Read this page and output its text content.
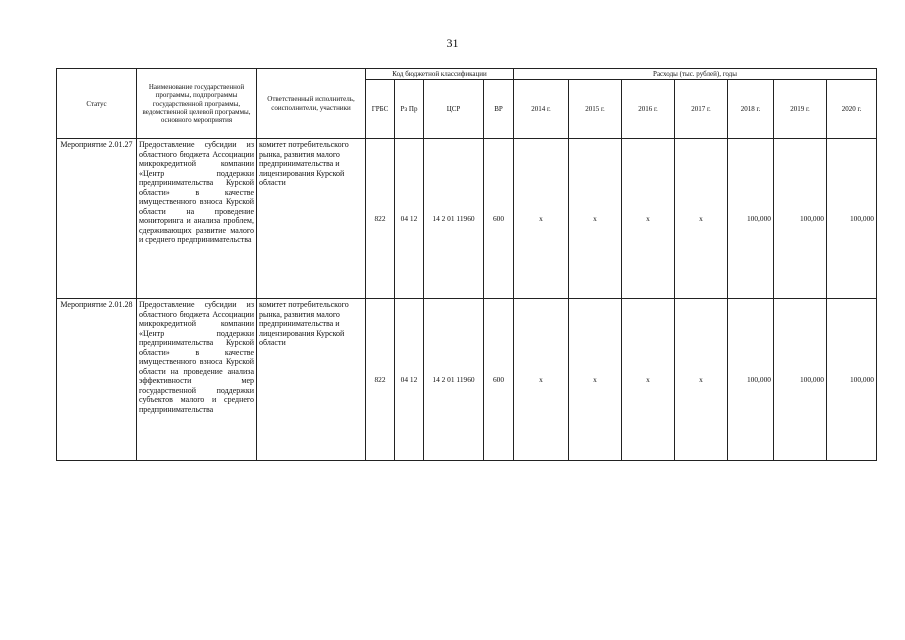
31
Статус	Наименование государственной программы, подпрограммы государственной программы, ведомственной целевой программы, основного мероприятия	Ответственный исполнитель, соисполнители, участники	Код бюджетной классификации				Расходы (тыс. рублей), годы						
			ГРБС	Рз Пр	ЦСР	ВР	2014 г.	2015 г.	2016 г.	2017 г.	2018 г.	2019 г.	2020 г.
Мероприятие 2.01.27	Предоставление субсидии из областного бюджета Ассоциации микрокредитной компании «Центр поддержки предпринимательства Курской области» в качестве имущественного взноса Курской области на проведение мониторинга и анализа проблем, сдерживающих развитие малого и среднего предпринимательства	комитет потребительского рынка, развития малого предпринимательства и лицензирования Курской области	822	04 12	14 2 01 11960	600	x	x	x	x	100,000	100,000	100,000
Мероприятие 2.01.28	Предоставление субсидии из областного бюджета Ассоциации микрокредитной компании «Центр поддержки предпринимательства Курской области» в качестве имущественного взноса Курской области на проведение анализа эффективности мер государственной поддержки субъектов малого и среднего предпринимательства	комитет потребительского рынка, развития малого предпринимательства и лицензирования Курской области	822	04 12	14 2 01 11960	600	x	x	x	x	100,000	100,000	100,000
